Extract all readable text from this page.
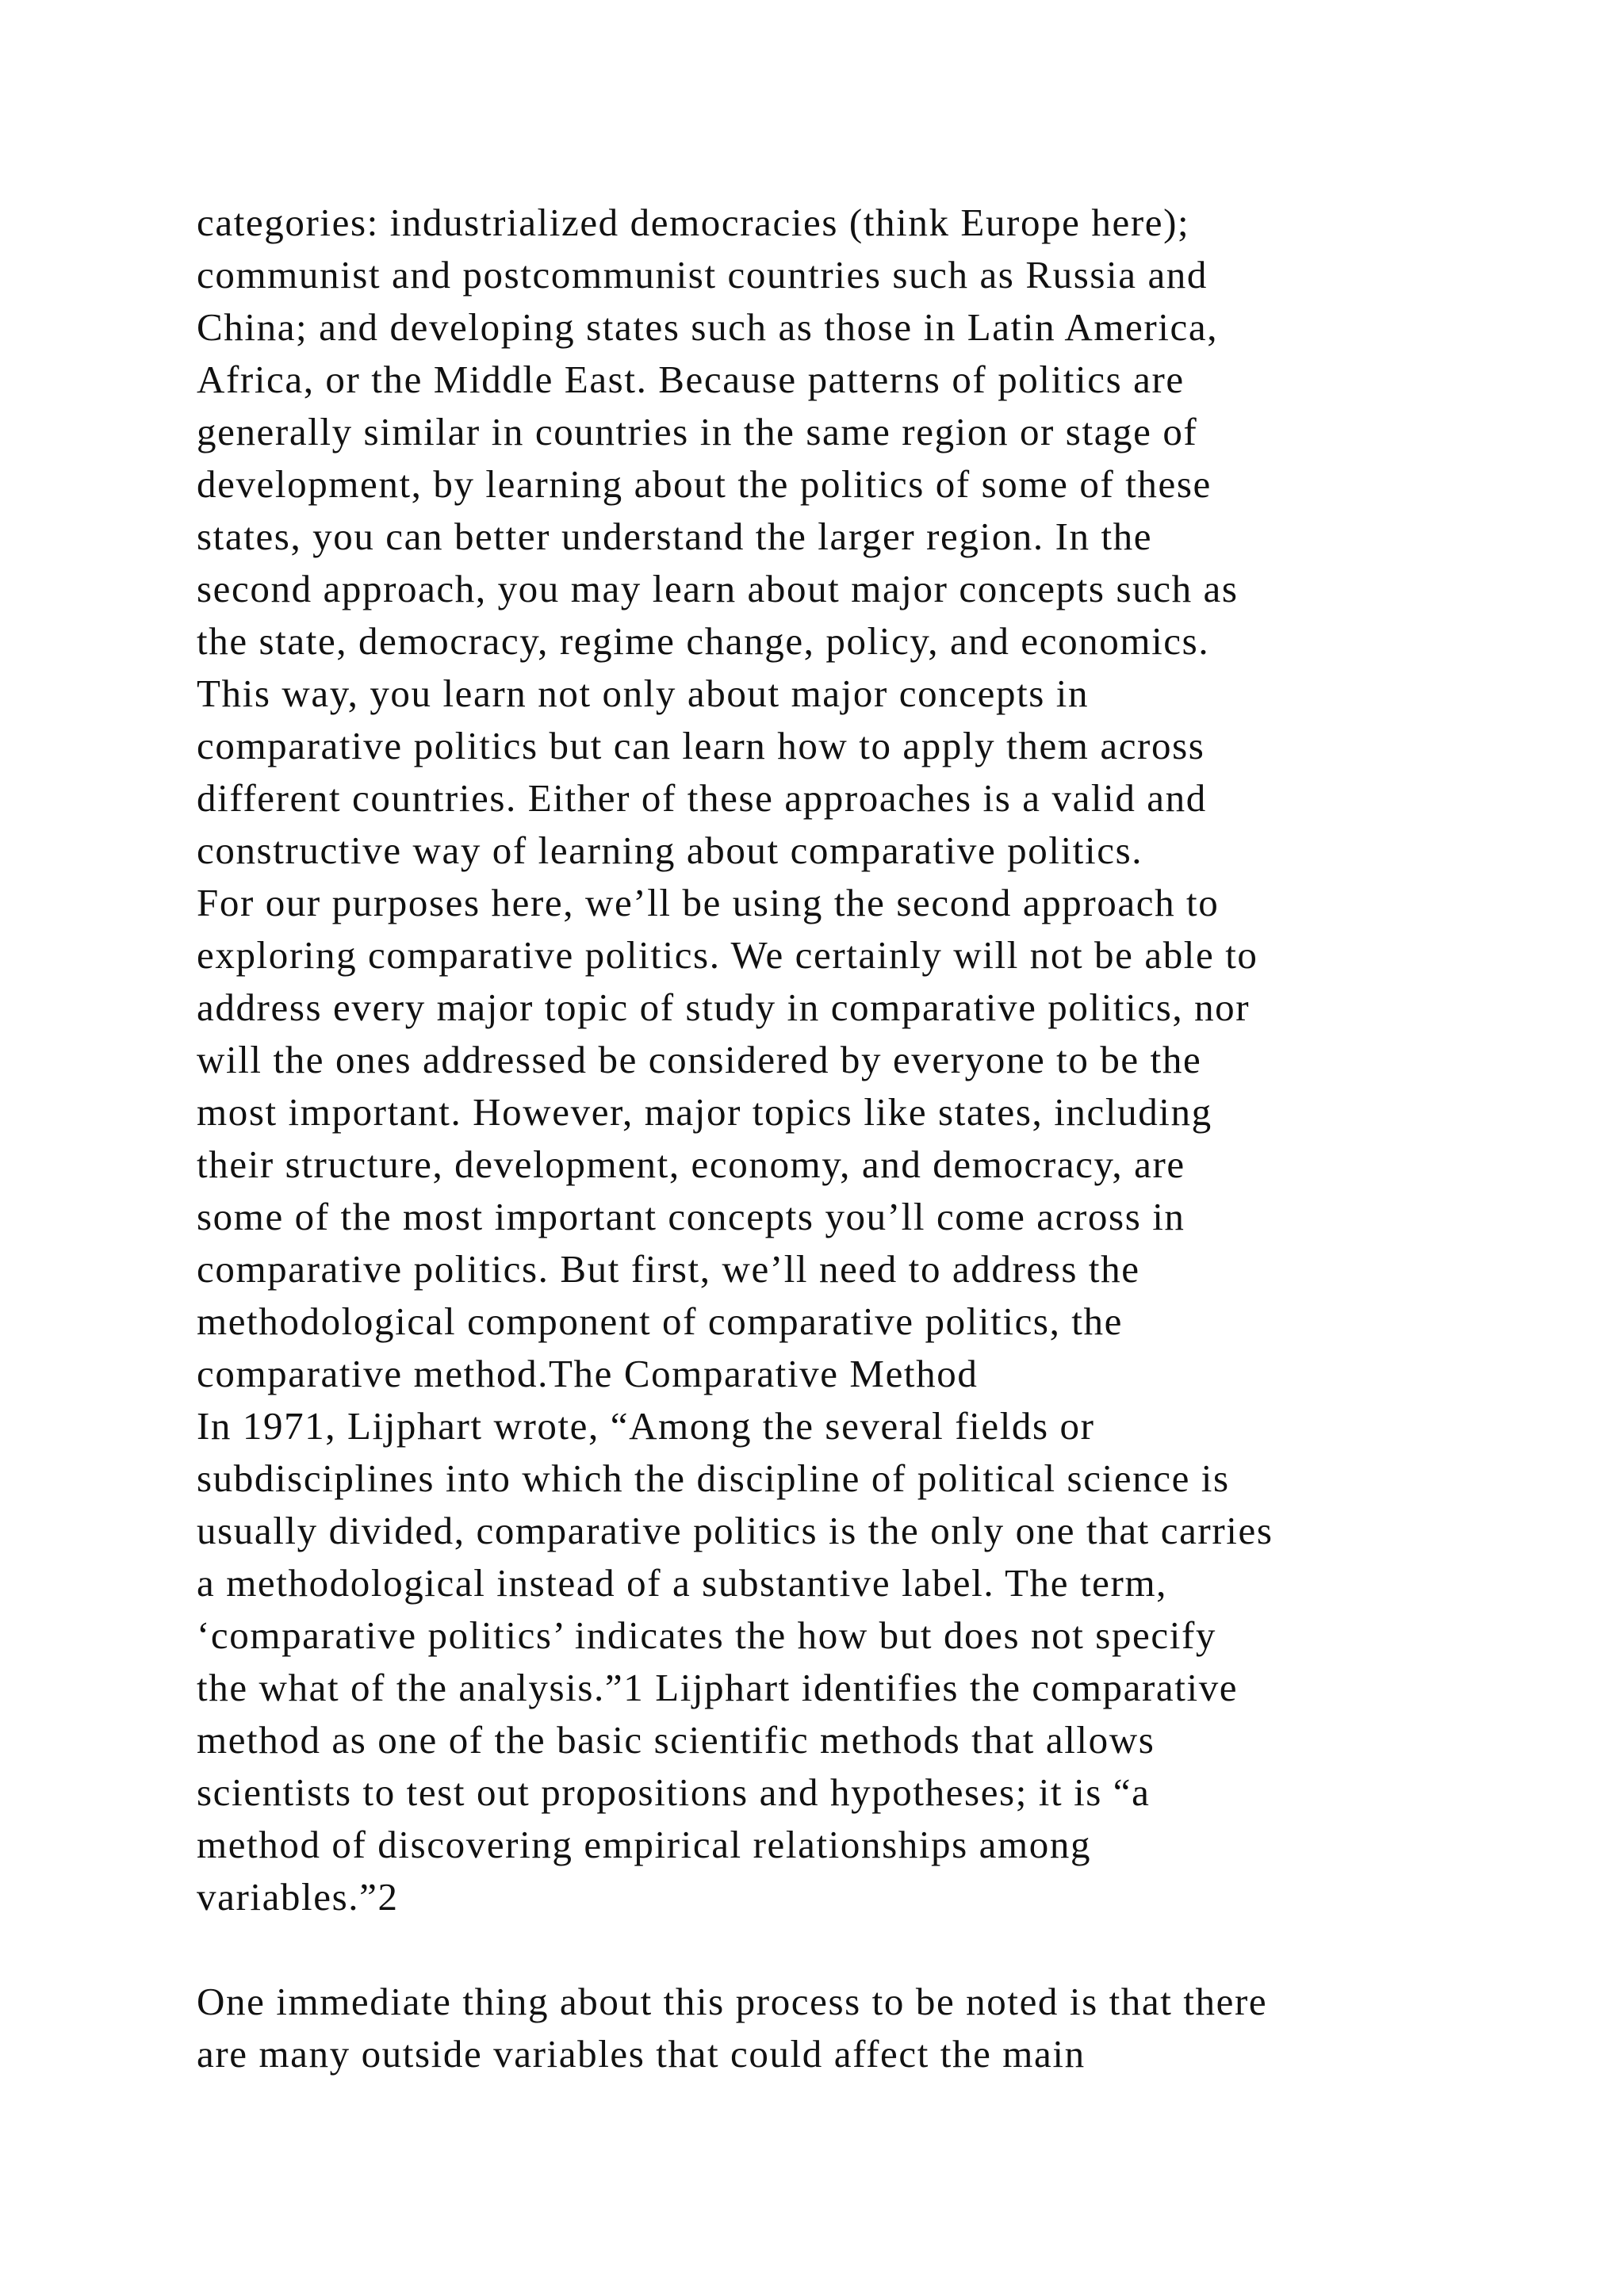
categories: industrialized democracies (think Europe here);
communist and postcommunist countries such as Russia and
China; and developing states such as those in Latin America,
Africa, or the Middle East. Because patterns of politics are
generally similar in countries in the same region or stage of
development, by learning about the politics of some of these
states, you can better understand the larger region. In the
second approach, you may learn about major concepts such as
the state, democracy, regime change, policy, and economics.
This way, you learn not only about major concepts in
comparative politics but can learn how to apply them across
different countries. Either of these approaches is a valid and
constructive way of learning about comparative politics.
For our purposes here, we’ll be using the second approach to
exploring comparative politics. We certainly will not be able to
address every major topic of study in comparative politics, nor
will the ones addressed be considered by everyone to be the
most important. However, major topics like states, including
their structure, development, economy, and democracy, are
some of the most important concepts you’ll come across in
comparative politics. But first, we’ll need to address the
methodological component of comparative politics, the
comparative method.The Comparative Method
In 1971, Lijphart wrote, “Among the several fields or
subdisciplines into which the discipline of political science is
usually divided, comparative politics is the only one that carries
a methodological instead of a substantive label. The term,
‘comparative politics’ indicates the how but does not specify
the what of the analysis.”1 Lijphart identifies the comparative
method as one of the basic scientific methods that allows
scientists to test out propositions and hypotheses; it is “a
method of discovering empirical relationships among
variables.”2
One immediate thing about this process to be noted is that there
are many outside variables that could affect the main
